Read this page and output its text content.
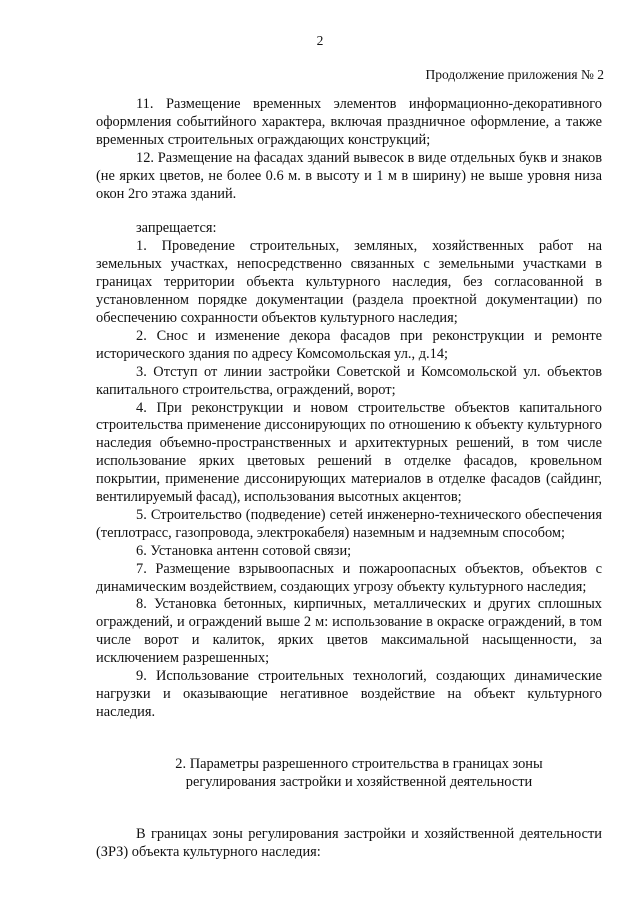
2
Продолжение приложения № 2

11. Размещение временных элементов информационно-декоративного оформления событийного характера, включая праздничное оформление, а также временных строительных ограждающих конструкций;

12. Размещение на фасадах зданий вывесок в виде отдельных букв и знаков (не ярких цветов, не более 0.6 м. в высоту и 1 м в ширину) не выше уровня низа окон 2го этажа зданий.

запрещается:

1. Проведение строительных, земляных, хозяйственных работ на земельных участках, непосредственно связанных с земельными участками в границах территории объекта культурного наследия, без согласованной в установленном порядке документации (раздела проектной документации) по обеспечению сохранности объектов культурного наследия;

2. Снос и изменение декора фасадов при реконструкции и ремонте исторического здания по адресу Комсомольская ул., д.14;

3. Отступ от линии застройки Советской и Комсомольской ул. объектов капитального строительства, ограждений, ворот;

4. При реконструкции и новом строительстве объектов капитального строительства применение диссонирующих по отношению к объекту культурного наследия объемно-пространственных и архитектурных решений, в том числе использование ярких цветовых решений в отделке фасадов, кровельном покрытии, применение диссонирующих материалов в отделке фасадов (сайдинг, вентилируемый фасад), использования высотных акцентов;

5. Строительство (подведение) сетей инженерно-технического обеспечения (теплотрасс, газопровода, электрокабеля) наземным и надземным способом;

6. Установка антенн сотовой связи;

7. Размещение взрывоопасных и пожароопасных объектов, объектов с динамическим воздействием, создающих угрозу объекту культурного наследия;

8. Установка бетонных, кирпичных, металлических и других сплошных ограждений, и ограждений выше 2 м: использование в окраске ограждений, в том числе ворот и калиток, ярких цветов максимальной насыщенности, за исключением разрешенных;

9. Использование строительных технологий, создающих динамические нагрузки и оказывающие негативное воздействие на объект культурного наследия.

2. Параметры разрешенного строительства в границах зоны регулирования застройки и хозяйственной деятельности

В границах зоны регулирования застройки и хозяйственной деятельности (ЗРЗ) объекта культурного наследия:
